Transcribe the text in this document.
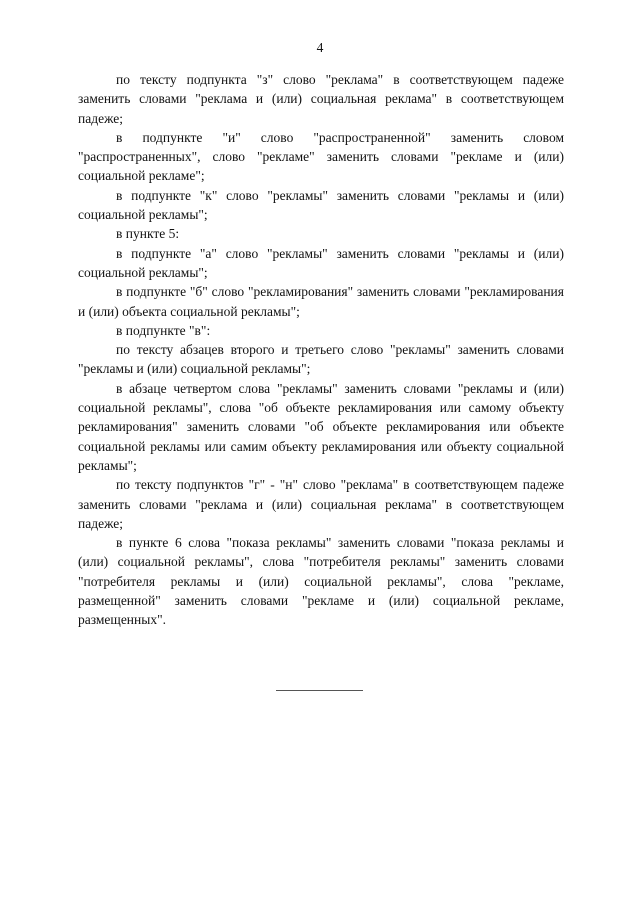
4

по тексту подпункта "з" слово "реклама" в соответствующем падеже заменить словами "реклама и (или) социальная реклама" в соответствующем падеже;

в подпункте "и" слово "распространенной" заменить словом "распространенных", слово "рекламе" заменить словами "рекламе и (или) социальной рекламе";

в подпункте "к" слово "рекламы" заменить словами "рекламы и (или) социальной рекламы";

в пункте 5:

в подпункте "а" слово "рекламы" заменить словами "рекламы и (или) социальной рекламы";

в подпункте "б" слово "рекламирования" заменить словами "рекламирования и (или) объекта социальной рекламы";

в подпункте "в":

по тексту абзацев второго и третьего слово "рекламы" заменить словами "рекламы и (или) социальной рекламы";

в абзаце четвертом слова "рекламы" заменить словами "рекламы и (или) социальной рекламы", слова "об объекте рекламирования или самому объекту рекламирования" заменить словами "об объекте рекламирования или объекте социальной рекламы или самим объекту рекламирования или объекту социальной рекламы";

по тексту подпунктов "г" - "н" слово "реклама" в соответствующем падеже заменить словами "реклама и (или) социальная реклама" в соответствующем падеже;

в пункте 6 слова "показа рекламы" заменить словами "показа рекламы и (или) социальной рекламы", слова "потребителя рекламы" заменить словами "потребителя рекламы и (или) социальной рекламы", слова "рекламе, размещенной" заменить словами "рекламе и (или) социальной рекламе, размещенных".
